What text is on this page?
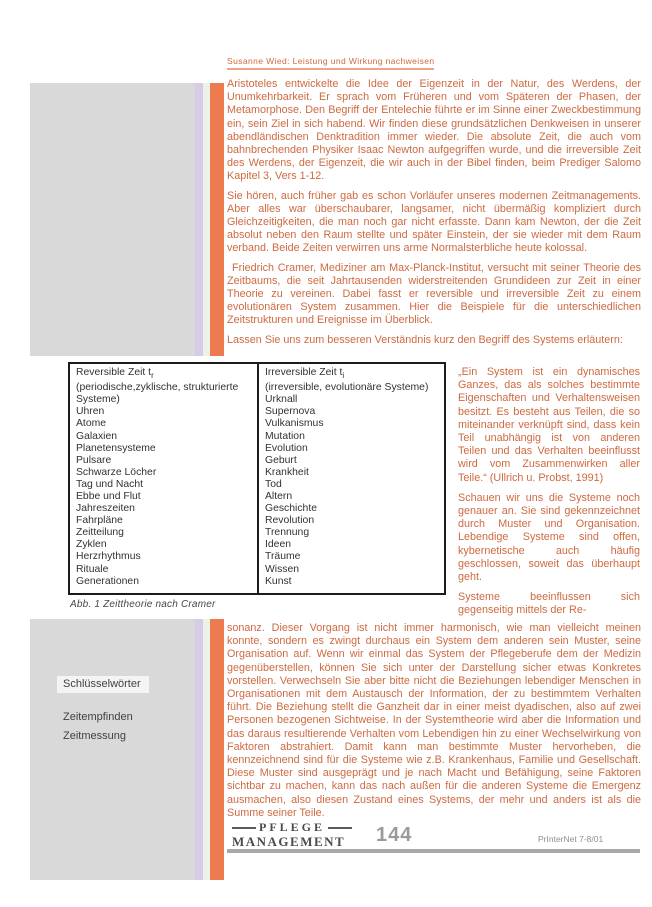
Susanne Wied: Leistung und Wirkung nachweisen

Aristoteles entwickelte die Idee der Eigenzeit in der Natur, des Werdens, der Unumkehrbarkeit. Er sprach vom Früheren und vom Späteren der Phasen, der Metamorphose. Den Begriff der Entelechie führte er im Sinne einer Zweckbestimmung ein, sein Ziel in sich habend. Wir finden diese grundsätzlichen Denkweisen in unserer abendländischen Denktradition immer wieder. Die absolute Zeit, die auch vom bahnbrechenden Physiker Isaac Newton aufgegriffen wurde, und die irreversible Zeit des Werdens, der Eigenzeit, die wir auch in der Bibel finden, beim Prediger Salomo Kapitel 3, Vers 1-12.

Sie hören, auch früher gab es schon Vorläufer unseres modernen Zeitmanagements. Aber alles war überschaubarer, langsamer, nicht übermäßig kompliziert durch Gleichzeitigkeiten, die man noch gar nicht erfasste. Dann kam Newton, der die Zeit absolut neben den Raum stellte und später Einstein, der sie wieder mit dem Raum verband. Beide Zeiten verwirren uns arme Normalsterbliche heute kolossal.

Friedrich Cramer, Mediziner am Max-Planck-Institut, versucht mit seiner Theorie des Zeitbaums, die seit Jahrtausenden widerstreitenden Grundideen zur Zeit in einer Theorie zu vereinen. Dabei fasst er reversible und irreversible Zeit zu einem evolutionären System zusammen. Hier die Beispiele für die unterschiedlichen Zeitstrukturen und Ereignisse im Überblick.

Lassen Sie uns zum besseren Verständnis kurz den Begriff des Systems erläutern:

Reversible Zeit $t_r$
(periodische,zyklische, strukturierte Systeme)
Uhren
Atome
Galaxien
Planetensysteme
Pulsare
Schwarze Löcher
Tag und Nacht
Ebbe und Flut
Jahreszeiten
Fahrpläne
Zeitteilung
Zyklen
Herzrhythmus
Rituale
Generationen
Irreversible Zeit $t_i$
(irreversible, evolutionäre Systeme)
Urknall
Supernova
Vulkanismus
Mutation
Evolution
Geburt
Krankheit
Tod
Altern
Geschichte
Revolution
Trennung
Ideen
Träume
Wissen
Kunst
Abb. 1 Zeittheorie nach Cramer

„Ein System ist ein dynamisches Ganzes, das als solches bestimmte Eigenschaften und Verhaltensweisen besitzt. Es besteht aus Teilen, die so miteinander verknüpft sind, dass kein Teil unabhängig ist von anderen Teilen und das Verhalten beeinflusst wird vom Zusammenwirken aller Teile.“ (Ullrich u. Probst, 1991)

Schauen wir uns die Systeme noch genauer an. Sie sind gekennzeichnet durch Muster und Organisation. Lebendige Systeme sind offen, kybernetische auch häufig geschlossen, soweit das überhaupt geht.

Systeme beeinflussen sich gegenseitig mittels der Re-

sonanz. Dieser Vorgang ist nicht immer harmonisch, wie man vielleicht meinen konnte, sondern es zwingt durchaus ein System dem anderen sein Muster, seine Organisation auf. Wenn wir einmal das System der Pflegeberufe dem der Medizin gegenüberstellen, können Sie sich unter der Darstellung sicher etwas Konkretes vorstellen. Verwechseln Sie aber bitte nicht die Beziehungen lebendiger Menschen in Organisationen mit dem Austausch der Information, der zu bestimmtem Verhalten führt. Die Beziehung stellt die Ganzheit dar in einer meist dyadischen, also auf zwei Personen bezogenen Sichtweise. In der Systemtheorie wird aber die Information und das daraus resultierende Verhalten vom Lebendigen hin zu einer Wechselwirkung von Faktoren abstrahiert. Damit kann man bestimmte Muster hervorheben, die kennzeichnend sind für die Systeme wie z.B. Krankenhaus, Familie und Gesellschaft. Diese Muster sind ausgeprägt und je nach Macht und Befähigung, seine Faktoren sichtbar zu machen, kann das nach außen für die anderen Systeme die Emergenz ausmachen, also diesen Zustand eines Systems, der mehr und anders ist als die Summe seiner Teile.
Schlüsselwörter
Zeitempfinden
Zeitmessung
PFLEGE
MANAGEMENT	144	PrInterNet 7-8/01
